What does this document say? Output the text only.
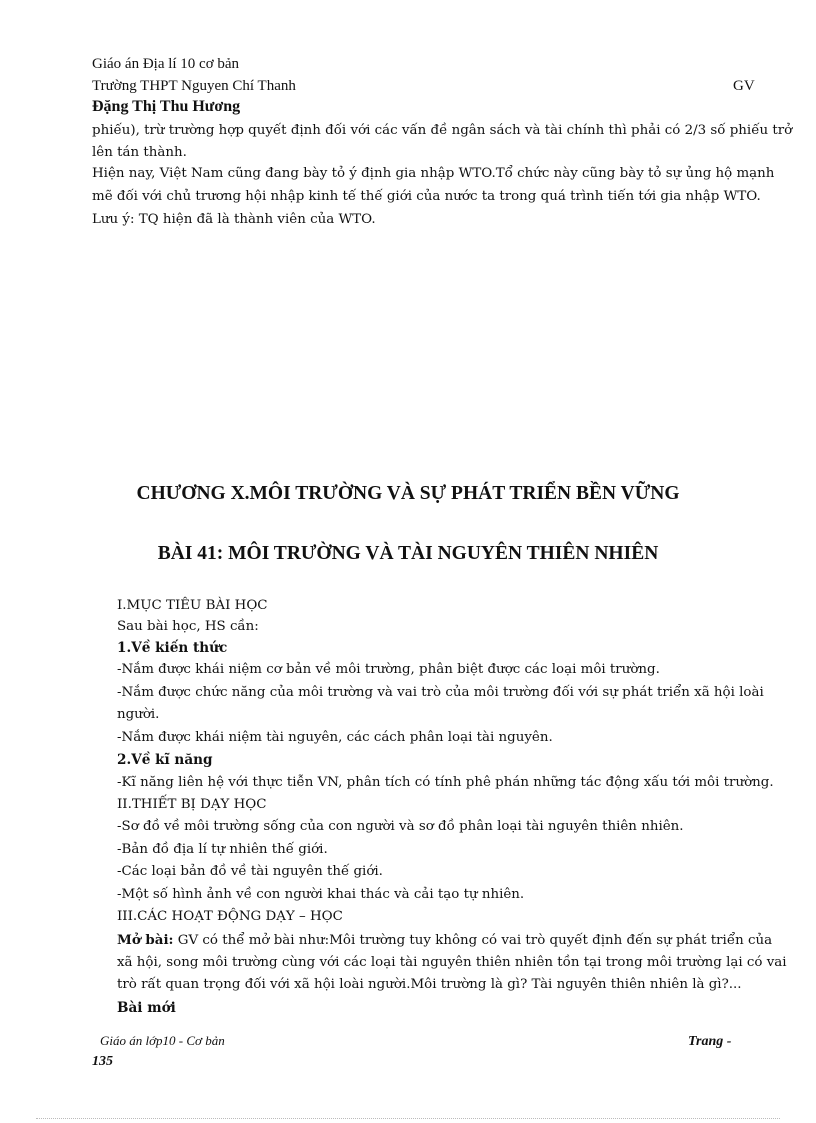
Giáo án Địa lí 10 cơ bản
Trường THPT Nguyen Chí Thanh	GV
Đặng Thị Thu Hương
phiếu), trừ trường hợp quyết định đối với các vấn đề ngân sách và tài chính thì phải có 2/3 số phiếu trở
lên tán thành.
Hiện nay, Việt Nam cũng đang bày tỏ ý định gia nhập WTO.Tổ chức này cũng bày tỏ sự ủng hộ mạnh
mẽ đối với chủ trương hội nhập kinh tế thế giới của nước ta trong quá trình tiến tới gia nhập WTO.
Lưu ý: TQ hiện đã là thành viên của WTO.
CHƯƠNG X.MÔI TRƯỜNG VÀ SỰ PHÁT TRIỂN BỀN VỮNG
BÀI 41: MÔI TRƯỜNG VÀ TÀI NGUYÊN THIÊN NHIÊN
I.MỤC TIÊU BÀI HỌC
Sau bài học, HS cần:
1.Về kiến thức
-Nắm được khái niệm cơ bản về môi trường, phân biệt được các loại môi trường.
-Nắm được chức năng của môi trường và vai trò của môi trường đối với sự phát triển xã hội loài
người.
-Nắm được khái niệm tài nguyên, các cách phân loại tài nguyên.
2.Về kĩ năng
-Kĩ năng liên hệ với thực tiễn VN, phân tích có tính phê phán những tác động xấu tới môi trường.
II.THIẾT BỊ DẠY HỌC
-Sơ đồ về môi trường sống của con người và sơ đồ phân loại tài nguyên thiên nhiên.
-Bản đồ địa lí tự nhiên thế giới.
-Các loại bản đồ về tài nguyên thế giới.
-Một số hình ảnh về con người khai thác và cải tạo tự nhiên.
III.CÁC HOẠT ĐỘNG DẠY – HỌC
Mở bài: GV có thể mở bài như:Môi trường tuy không có vai trò quyết định đến sự phát triển của
xã hội, song môi trường cùng với các loại tài nguyên thiên nhiên tồn tại trong môi trường lại có vai
trò rất quan trọng đối với xã hội loài người.Môi trường là gì? Tài nguyên thiên nhiên là gì?...
Bài mới
Giáo án lớp10 - Cơ bản
135
Trang -
